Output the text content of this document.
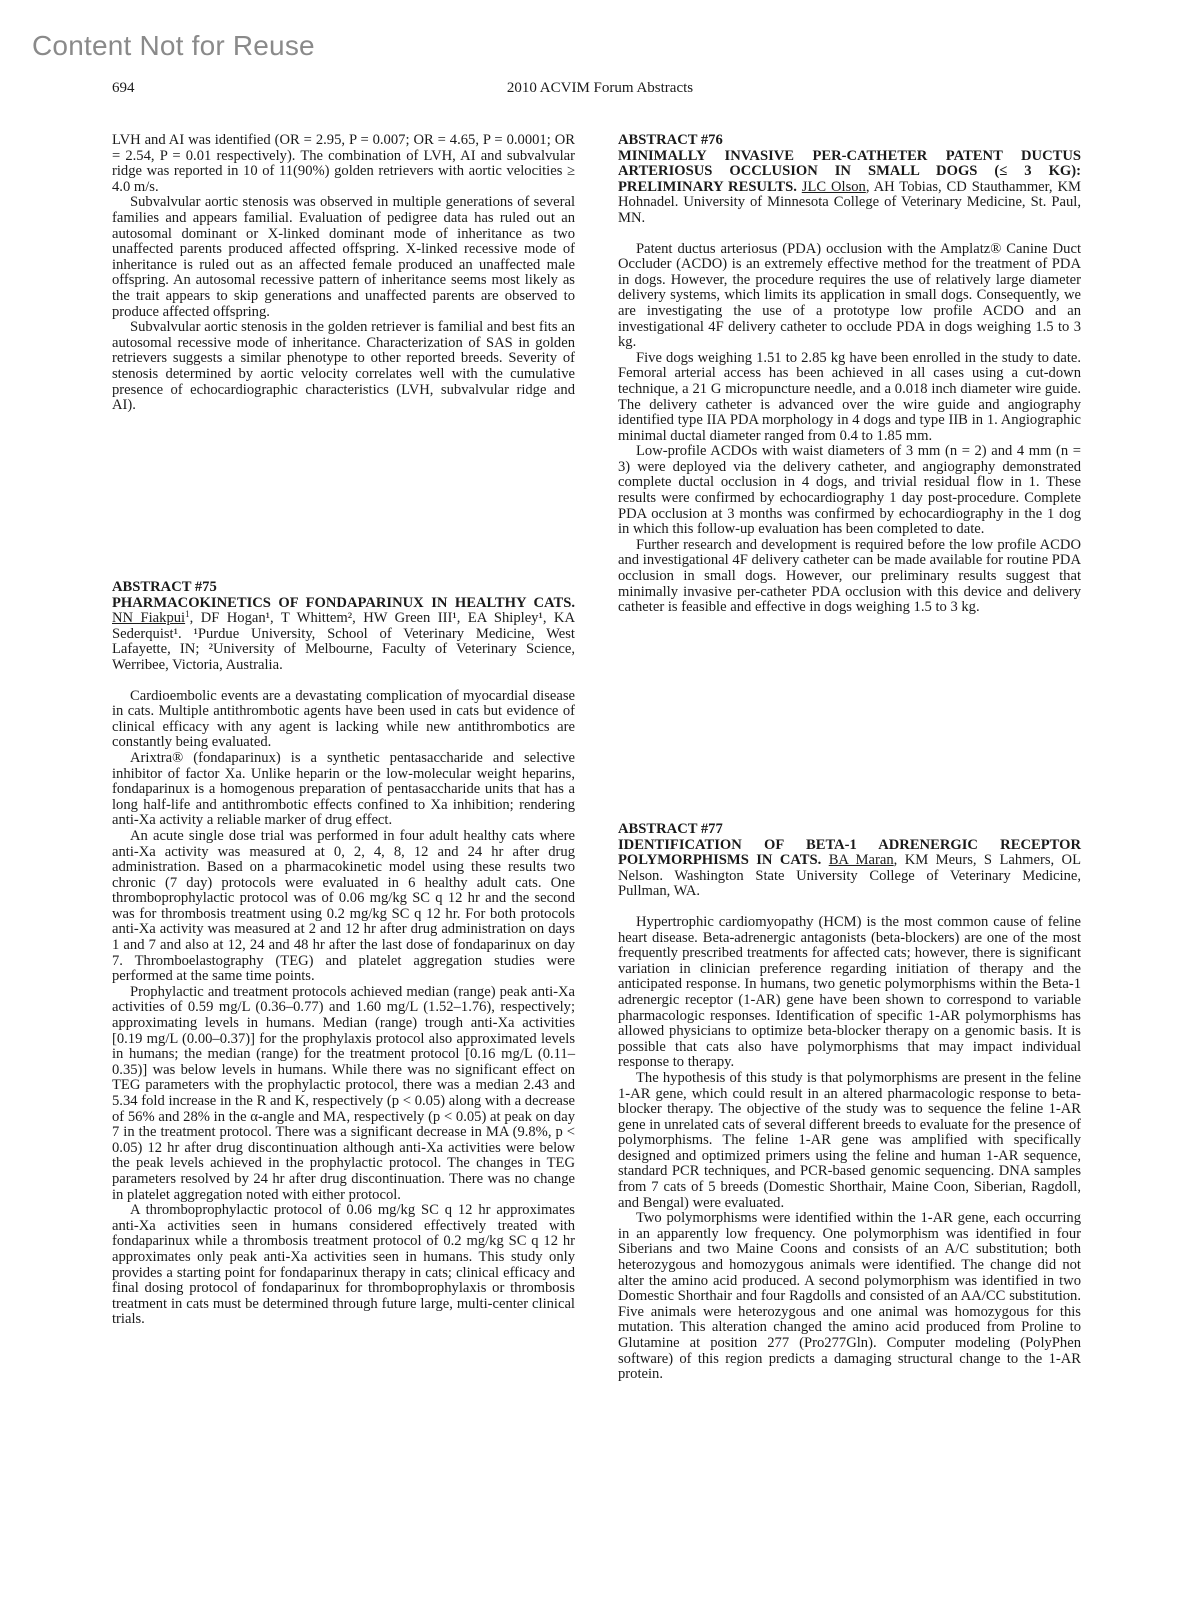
Content Not for Reuse
694	2010 ACVIM Forum Abstracts

LVH and AI was identified (OR = 2.95, P = 0.007; OR = 4.65, P = 0.0001; OR = 2.54, P = 0.01 respectively). The combination of LVH, AI and subvalvular ridge was reported in 10 of 11(90%) golden retrievers with aortic velocities ≥ 4.0 m/s.

Subvalvular aortic stenosis was observed in multiple generations of several families and appears familial. Evaluation of pedigree data has ruled out an autosomal dominant or X-linked dominant mode of inheritance as two unaffected parents produced affected offspring. X-linked recessive mode of inheritance is ruled out as an affected female produced an unaffected male offspring. An autosomal recessive pattern of inheritance seems most likely as the trait appears to skip generations and unaffected parents are observed to produce affected offspring.

Subvalvular aortic stenosis in the golden retriever is familial and best fits an autosomal recessive mode of inheritance. Characterization of SAS in golden retrievers suggests a similar phenotype to other reported breeds. Severity of stenosis determined by aortic velocity correlates well with the cumulative presence of echocardiographic characteristics (LVH, subvalvular ridge and AI).

ABSTRACT #75

PHARMACOKINETICS OF FONDAPARINUX IN HEALTHY CATS. NN Fiakpui$^1$, DF Hogan¹, T Whittem², HW Green III¹, EA Shipley¹, KA Sederquist¹. ¹Purdue University, School of Veterinary Medicine, West Lafayette, IN; ²University of Melbourne, Faculty of Veterinary Science, Werribee, Victoria, Australia.

Cardioembolic events are a devastating complication of myocardial disease in cats. Multiple antithrombotic agents have been used in cats but evidence of clinical efficacy with any agent is lacking while new antithrombotics are constantly being evaluated.

Arixtra® (fondaparinux) is a synthetic pentasaccharide and selective inhibitor of factor Xa. Unlike heparin or the low-molecular weight heparins, fondaparinux is a homogenous preparation of pentasaccharide units that has a long half-life and antithrombotic effects confined to Xa inhibition; rendering anti-Xa activity a reliable marker of drug effect.

An acute single dose trial was performed in four adult healthy cats where anti-Xa activity was measured at 0, 2, 4, 8, 12 and 24 hr after drug administration. Based on a pharmacokinetic model using these results two chronic (7 day) protocols were evaluated in 6 healthy adult cats. One thromboprophylactic protocol was of 0.06 mg/kg SC q 12 hr and the second was for thrombosis treatment using 0.2 mg/kg SC q 12 hr. For both protocols anti-Xa activity was measured at 2 and 12 hr after drug administration on days 1 and 7 and also at 12, 24 and 48 hr after the last dose of fondaparinux on day 7. Thromboelastography (TEG) and platelet aggregation studies were performed at the same time points.

Prophylactic and treatment protocols achieved median (range) peak anti-Xa activities of 0.59 mg/L (0.36–0.77) and 1.60 mg/L (1.52–1.76), respectively; approximating levels in humans. Median (range) trough anti-Xa activities [0.19 mg/L (0.00–0.37)] for the prophylaxis protocol also approximated levels in humans; the median (range) for the treatment protocol [0.16 mg/L (0.11–0.35)] was below levels in humans. While there was no significant effect on TEG parameters with the prophylactic protocol, there was a median 2.43 and 5.34 fold increase in the R and K, respectively (p < 0.05) along with a decrease of 56% and 28% in the α-angle and MA, respectively (p < 0.05) at peak on day 7 in the treatment protocol. There was a significant decrease in MA (9.8%, p < 0.05) 12 hr after drug discontinuation although anti-Xa activities were below the peak levels achieved in the prophylactic protocol. The changes in TEG parameters resolved by 24 hr after drug discontinuation. There was no change in platelet aggregation noted with either protocol.

A thromboprophylactic protocol of 0.06 mg/kg SC q 12 hr approximates anti-Xa activities seen in humans considered effectively treated with fondaparinux while a thrombosis treatment protocol of 0.2 mg/kg SC q 12 hr approximates only peak anti-Xa activities seen in humans. This study only provides a starting point for fondaparinux therapy in cats; clinical efficacy and final dosing protocol of fondaparinux for thromboprophylaxis or thrombosis treatment in cats must be determined through future large, multi-center clinical trials.

ABSTRACT #76

MINIMALLY INVASIVE PER-CATHETER PATENT DUCTUS ARTERIOSUS OCCLUSION IN SMALL DOGS (≤ 3 KG): PRELIMINARY RESULTS. JLC Olson, AH Tobias, CD Stauthammer, KM Hohnadel. University of Minnesota College of Veterinary Medicine, St. Paul, MN.

Patent ductus arteriosus (PDA) occlusion with the Amplatz® Canine Duct Occluder (ACDO) is an extremely effective method for the treatment of PDA in dogs. However, the procedure requires the use of relatively large diameter delivery systems, which limits its application in small dogs. Consequently, we are investigating the use of a prototype low profile ACDO and an investigational 4F delivery catheter to occlude PDA in dogs weighing 1.5 to 3 kg.

Five dogs weighing 1.51 to 2.85 kg have been enrolled in the study to date. Femoral arterial access has been achieved in all cases using a cut-down technique, a 21 G micropuncture needle, and a 0.018 inch diameter wire guide. The delivery catheter is advanced over the wire guide and angiography identified type IIA PDA morphology in 4 dogs and type IIB in 1. Angiographic minimal ductal diameter ranged from 0.4 to 1.85 mm.

Low-profile ACDOs with waist diameters of 3 mm (n = 2) and 4 mm (n = 3) were deployed via the delivery catheter, and angiography demonstrated complete ductal occlusion in 4 dogs, and trivial residual flow in 1. These results were confirmed by echocardiography 1 day post-procedure. Complete PDA occlusion at 3 months was confirmed by echocardiography in the 1 dog in which this follow-up evaluation has been completed to date.

Further research and development is required before the low profile ACDO and investigational 4F delivery catheter can be made available for routine PDA occlusion in small dogs. However, our preliminary results suggest that minimally invasive per-catheter PDA occlusion with this device and delivery catheter is feasible and effective in dogs weighing 1.5 to 3 kg.

ABSTRACT #77

IDENTIFICATION OF BETA-1 ADRENERGIC RECEPTOR POLYMORPHISMS IN CATS. BA Maran, KM Meurs, S Lahmers, OL Nelson. Washington State University College of Veterinary Medicine, Pullman, WA.

Hypertrophic cardiomyopathy (HCM) is the most common cause of feline heart disease. Beta-adrenergic antagonists (beta-blockers) are one of the most frequently prescribed treatments for affected cats; however, there is significant variation in clinician preference regarding initiation of therapy and the anticipated response. In humans, two genetic polymorphisms within the Beta-1 adrenergic receptor (1-AR) gene have been shown to correspond to variable pharmacologic responses. Identification of specific 1-AR polymorphisms has allowed physicians to optimize beta-blocker therapy on a genomic basis. It is possible that cats also have polymorphisms that may impact individual response to therapy.

The hypothesis of this study is that polymorphisms are present in the feline 1-AR gene, which could result in an altered pharmacologic response to beta-blocker therapy. The objective of the study was to sequence the feline 1-AR gene in unrelated cats of several different breeds to evaluate for the presence of polymorphisms. The feline 1-AR gene was amplified with specifically designed and optimized primers using the feline and human 1-AR sequence, standard PCR techniques, and PCR-based genomic sequencing. DNA samples from 7 cats of 5 breeds (Domestic Shorthair, Maine Coon, Siberian, Ragdoll, and Bengal) were evaluated.

Two polymorphisms were identified within the 1-AR gene, each occurring in an apparently low frequency. One polymorphism was identified in four Siberians and two Maine Coons and consists of an A/C substitution; both heterozygous and homozygous animals were identified. The change did not alter the amino acid produced. A second polymorphism was identified in two Domestic Shorthair and four Ragdolls and consisted of an AA/CC substitution. Five animals were heterozygous and one animal was homozygous for this mutation. This alteration changed the amino acid produced from Proline to Glutamine at position 277 (Pro277Gln). Computer modeling (PolyPhen software) of this region predicts a damaging structural change to the 1-AR protein.
